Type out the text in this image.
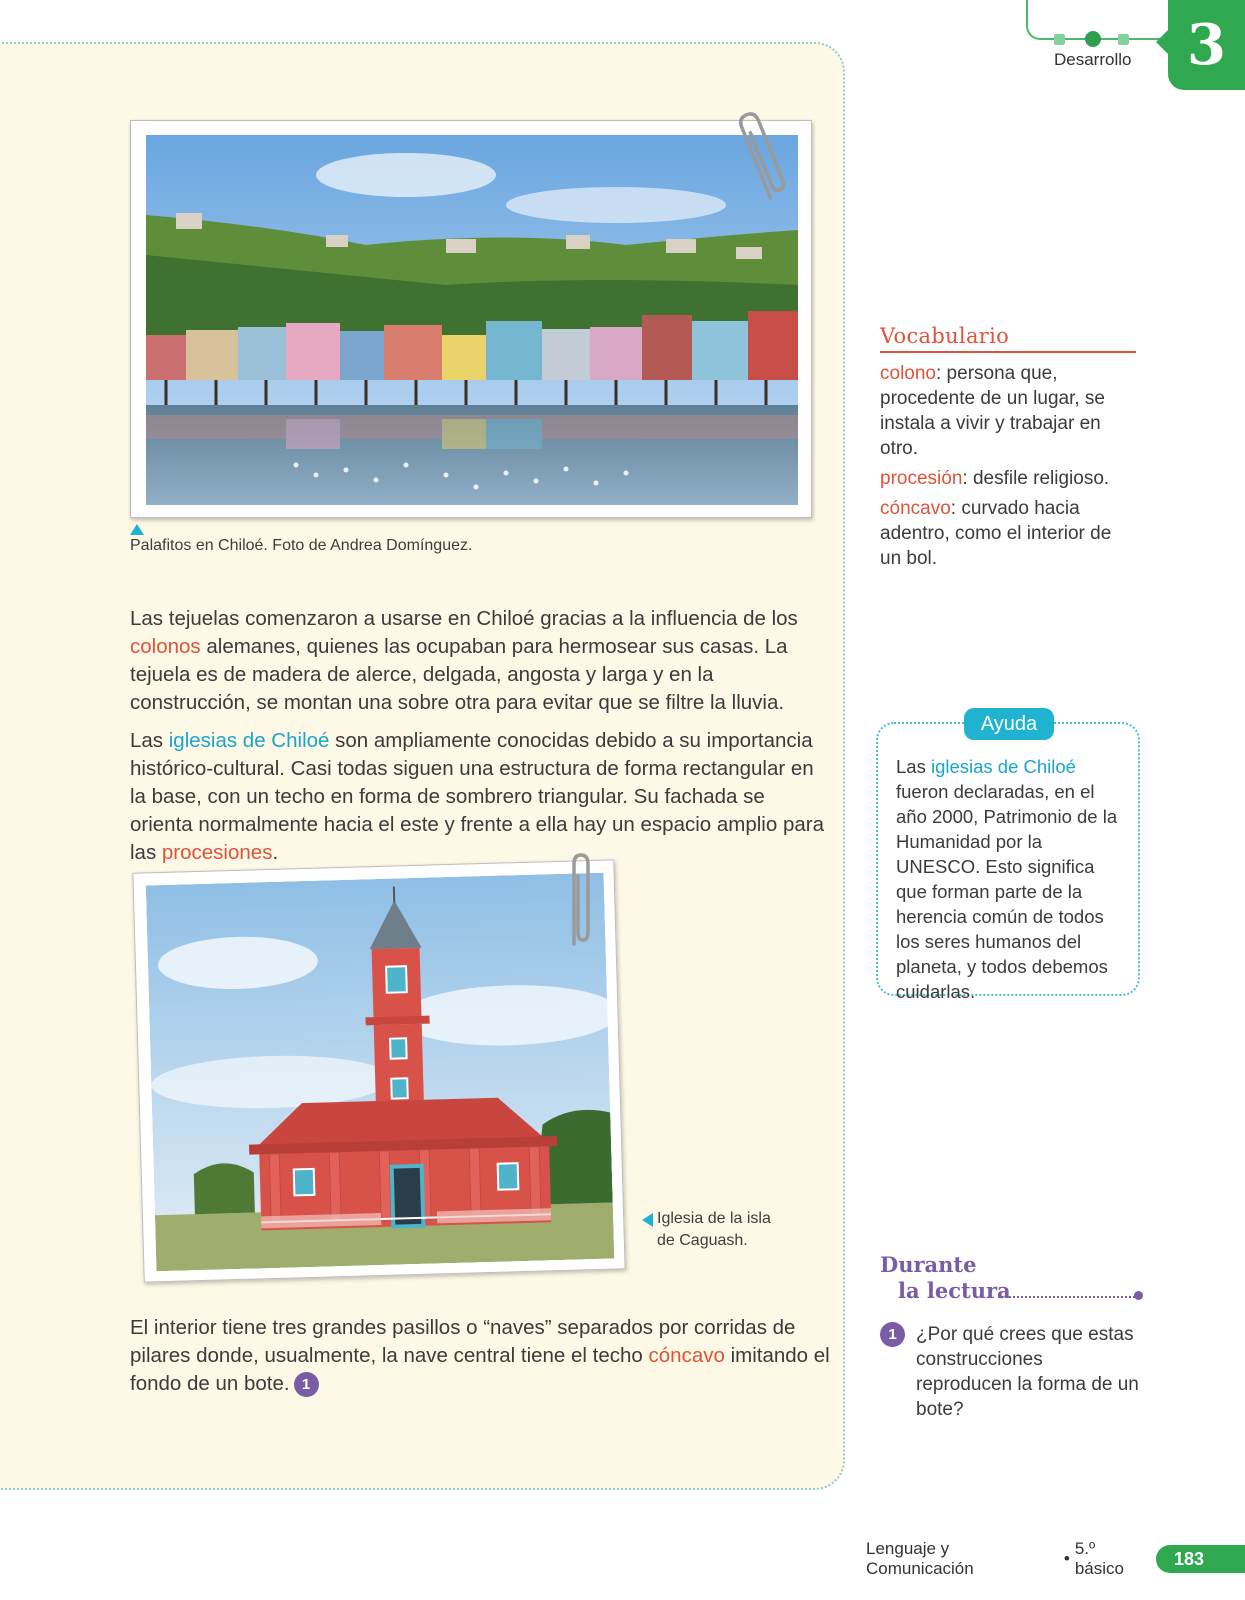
Desarrollo 3
Palafitos en Chiloé. Foto de Andrea Domínguez.

Las tejuelas comenzaron a usarse en Chiloé gracias a la influencia de los colonos alemanes, quienes las ocupaban para hermosear sus casas. La tejuela es de madera de alerce, delgada, angosta y larga y en la construcción, se montan una sobre otra para evitar que se filtre la lluvia.

Las iglesias de Chiloé son ampliamente conocidas debido a su importancia histórico-cultural. Casi todas siguen una estructura de forma rectangular en la base, con un techo en forma de sombrero triangular. Su fachada se orienta normalmente hacia el este y frente a ella hay un espacio amplio para las procesiones.

Iglesia de la isla
de Caguash.

El interior tiene tres grandes pasillos o “naves” separados por corridas de pilares donde, usualmente, la nave central tiene el techo cóncavo imitando el fondo de un bote. 1

Vocabulario
colono: persona que, procedente de un lugar, se instala a vivir y trabajar en otro.
procesión: desfile religioso.
cóncavo: curvado hacia adentro, como el interior de un bol.
Ayuda

Las iglesias de Chiloé fueron declaradas, en el año 2000, Patrimonio de la Humanidad por la UNESCO. Esto significa que forman parte de la herencia común de todos los seres humanos del planeta, y todos debemos cuidarlas.

Durante
la lectura
1	¿Por qué crees que estas construcciones reproducen la forma de un bote?
Lenguaje y Comunicación
•
5.º básico	183
